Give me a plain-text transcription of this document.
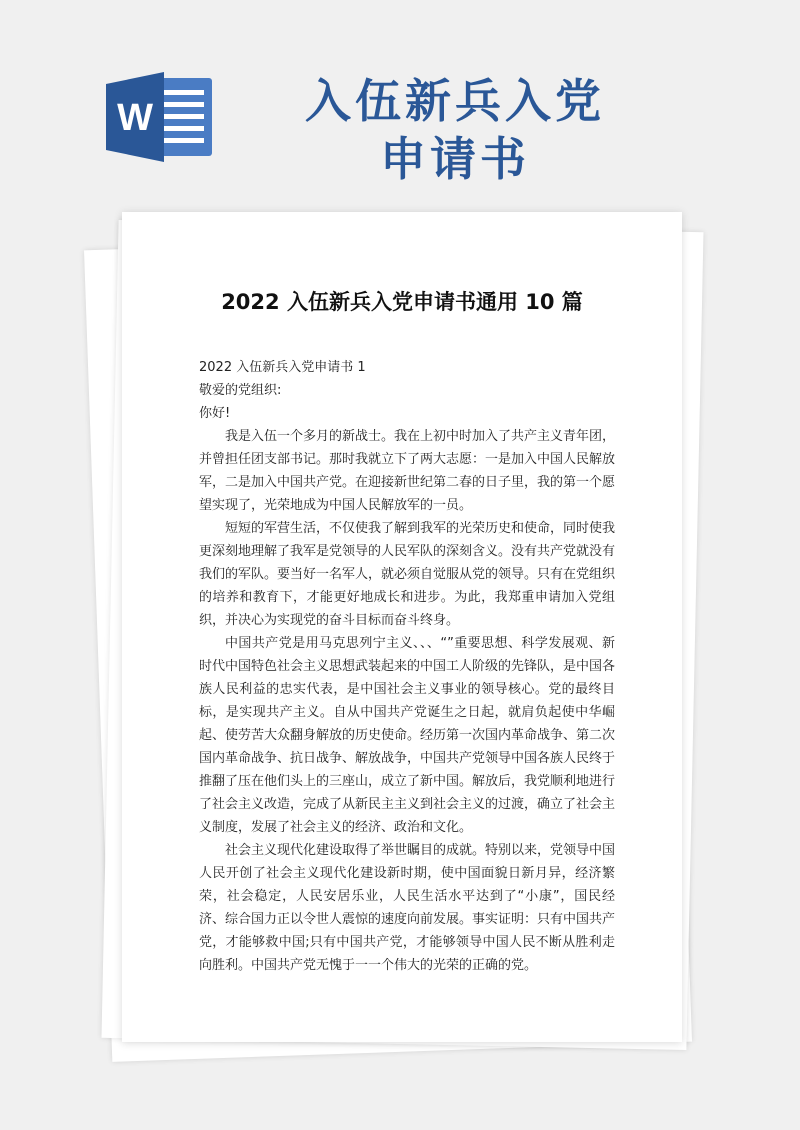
W	入伍新兵入党
申请书
2022 入伍新兵入党申请书通用 10 篇

2022 入伍新兵入党申请书 1

敬爱的党组织:

你好!

我是入伍一个多月的新战士。我在上初中时加入了共产主义青年团，并曾担任团支部书记。那时我就立下了两大志愿：一是加入中国人民解放军，二是加入中国共产党。在迎接新世纪第二春的日子里，我的第一个愿望实现了，光荣地成为中国人民解放军的一员。

短短的军营生活，不仅使我了解到我军的光荣历史和使命，同时使我更深刻地理解了我军是党领导的人民军队的深刻含义。没有共产党就没有我们的军队。要当好一名军人，就必须自觉服从党的领导。只有在党组织的培养和教育下，才能更好地成长和进步。为此，我郑重申请加入党组织，并决心为实现党的奋斗目标而奋斗终身。

中国共产党是用马克思列宁主义、、、“”重要思想、科学发展观、新时代中国特色社会主义思想武装起来的中国工人阶级的先锋队，是中国各族人民利益的忠实代表，是中国社会主义事业的领导核心。党的最终目标，是实现共产主义。自从中国共产党诞生之日起，就肩负起使中华崛起、使劳苦大众翻身解放的历史使命。经历第一次国内革命战争、第二次国内革命战争、抗日战争、解放战争，中国共产党领导中国各族人民终于推翻了压在他们头上的三座山，成立了新中国。解放后，我党顺利地进行了社会主义改造，完成了从新民主主义到社会主义的过渡，确立了社会主义制度，发展了社会主义的经济、政治和文化。

社会主义现代化建设取得了举世瞩目的成就。特别以来，党领导中国人民开创了社会主义现代化建设新时期，使中国面貌日新月异，经济繁荣，社会稳定，人民安居乐业，人民生活水平达到了“小康”，国民经济、综合国力正以令世人震惊的速度向前发展。事实证明：只有中国共产党，才能够救中国;只有中国共产党，才能够领导中国人民不断从胜利走向胜利。中国共产党无愧于一一个伟大的光荣的正确的党。
